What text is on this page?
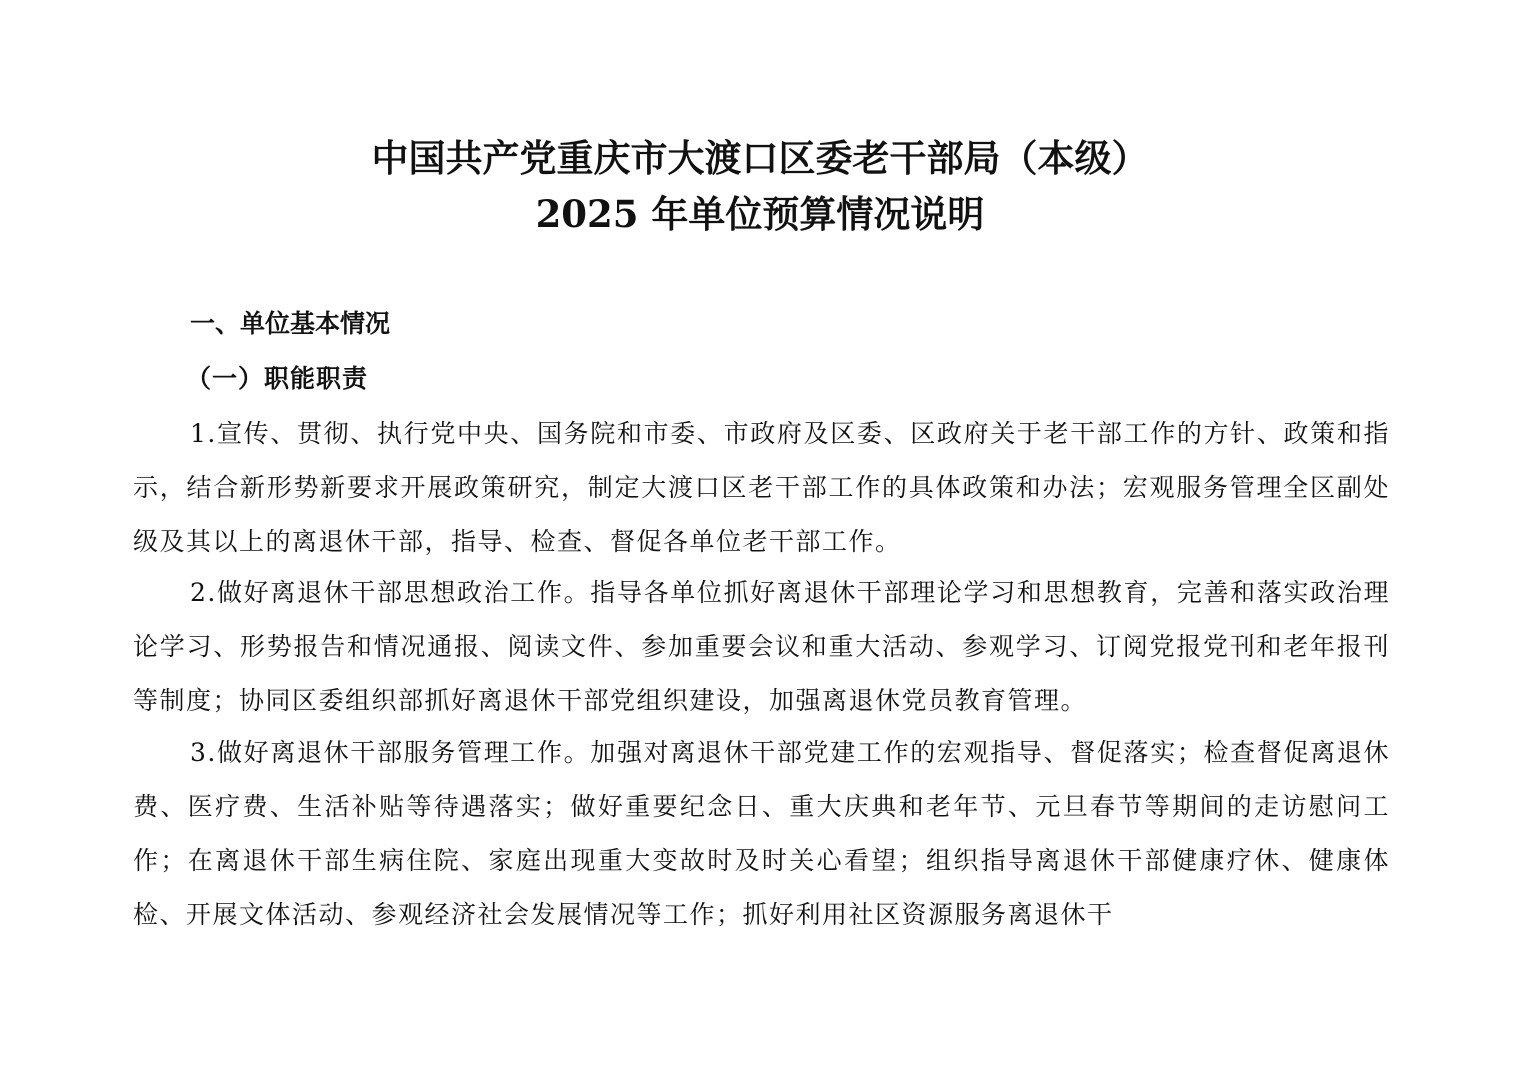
中国共产党重庆市大渡口区委老干部局（本级）
2025 年单位预算情况说明
一、单位基本情况
（一）职能职责

1.宣传、贯彻、执行党中央、国务院和市委、市政府及区委、区政府关于老干部工作的方针、政策和指示，结合新形势新要求开展政策研究，制定大渡口区老干部工作的具体政策和办法；宏观服务管理全区副处级及其以上的离退休干部，指导、检查、督促各单位老干部工作。

2.做好离退休干部思想政治工作。指导各单位抓好离退休干部理论学习和思想教育，完善和落实政治理论学习、形势报告和情况通报、阅读文件、参加重要会议和重大活动、参观学习、订阅党报党刊和老年报刊等制度；协同区委组织部抓好离退休干部党组织建设，加强离退休党员教育管理。

3.做好离退休干部服务管理工作。加强对离退休干部党建工作的宏观指导、督促落实；检查督促离退休费、医疗费、生活补贴等待遇落实；做好重要纪念日、重大庆典和老年节、元旦春节等期间的走访慰问工作；在离退休干部生病住院、家庭出现重大变故时及时关心看望；组织指导离退休干部健康疗休、健康体检、开展文体活动、参观经济社会发展情况等工作；抓好利用社区资源服务离退休干
